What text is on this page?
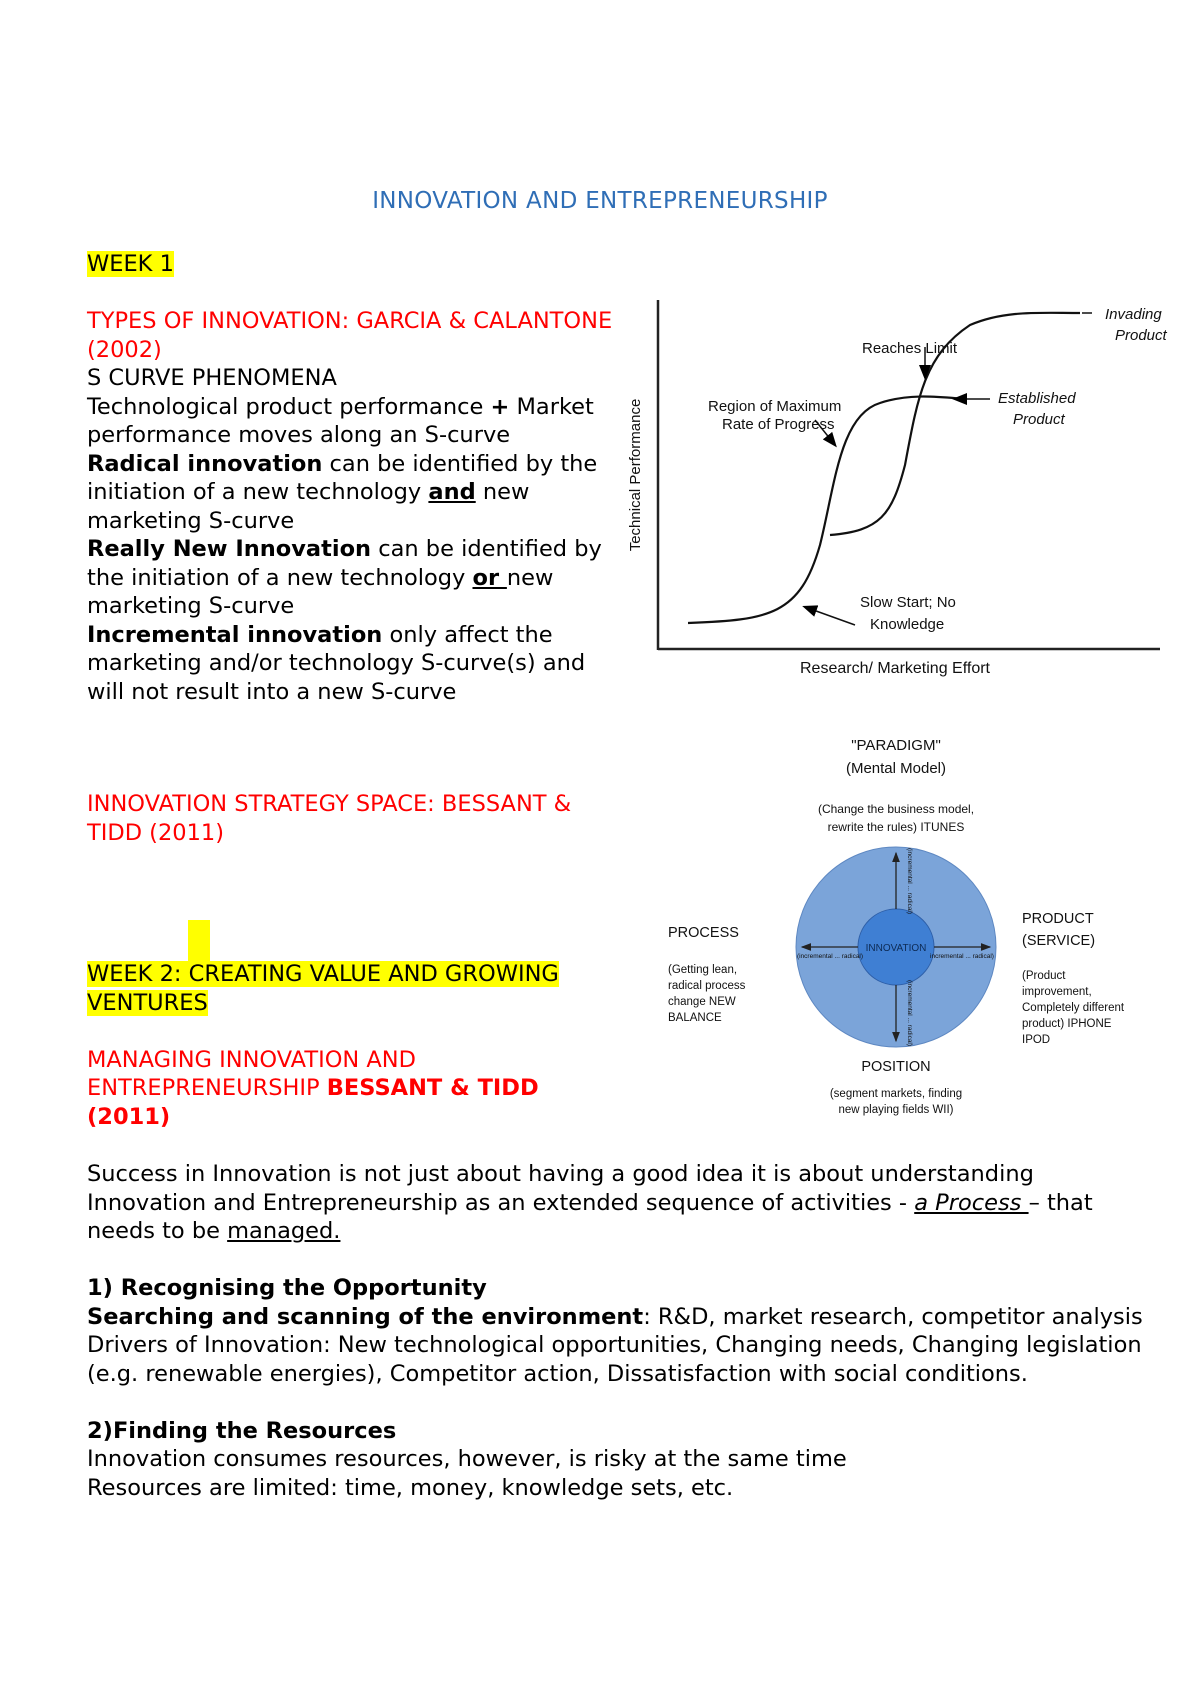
INNOVATION AND ENTREPRENEURSHIP

WEEK 1

TYPES OF INNOVATION: GARCIA & CALANTONE (2002)

S CURVE PHENOMENA

Technological product performance + Market performance moves along an S-curve

Radical innovation can be identified by the initiation of a new technology and new marketing S-curve

Really New Innovation can be identified by the initiation of a new technology or new marketing S-curve

Incremental innovation only affect the marketing and/or technology S-curve(s) and will not result into a new S-curve

INNOVATION STRATEGY SPACE: BESSANT & TIDD (2011)

WEEK 2: CREATING VALUE AND GROWING VENTURES

MANAGING INNOVATION AND ENTREPRENEURSHIP BESSANT & TIDD (2011)

Success in Innovation is not just about having a good idea it is about understanding Innovation and Entrepreneurship as an extended sequence of activities - a Process – that needs to be managed.

1) Recognising the Opportunity

Searching and scanning of the environment: R&D, market research, competitor analysis

Drivers of Innovation: New technological opportunities, Changing needs, Changing legislation (e.g. renewable energies), Competitor action, Dissatisfaction with social conditions.

2)Finding the Resources

Innovation consumes resources, however, is risky at the same time

Resources are limited: time, money, knowledge sets, etc.

Technical Performance
Research/ Marketing Effort
Invading
Product
Reaches Limit
Established
Product
Region of Maximum
Rate of Progress
Slow Start; No
Knowledge
INNOVATION
(incremental ... radical)	incremental ... radical)
(incremental ... radical)
(incremental ... radical)
"PARADIGM"
(Mental Model)
(Change the business model,
rewrite the rules) ITUNES
PROCESS
(Getting lean,
radical process
change NEW
BALANCE
PRODUCT
(SERVICE)
(Product
improvement,
Completely different
product) IPHONE
IPOD
POSITION
(segment markets, finding
new playing fields WII)
